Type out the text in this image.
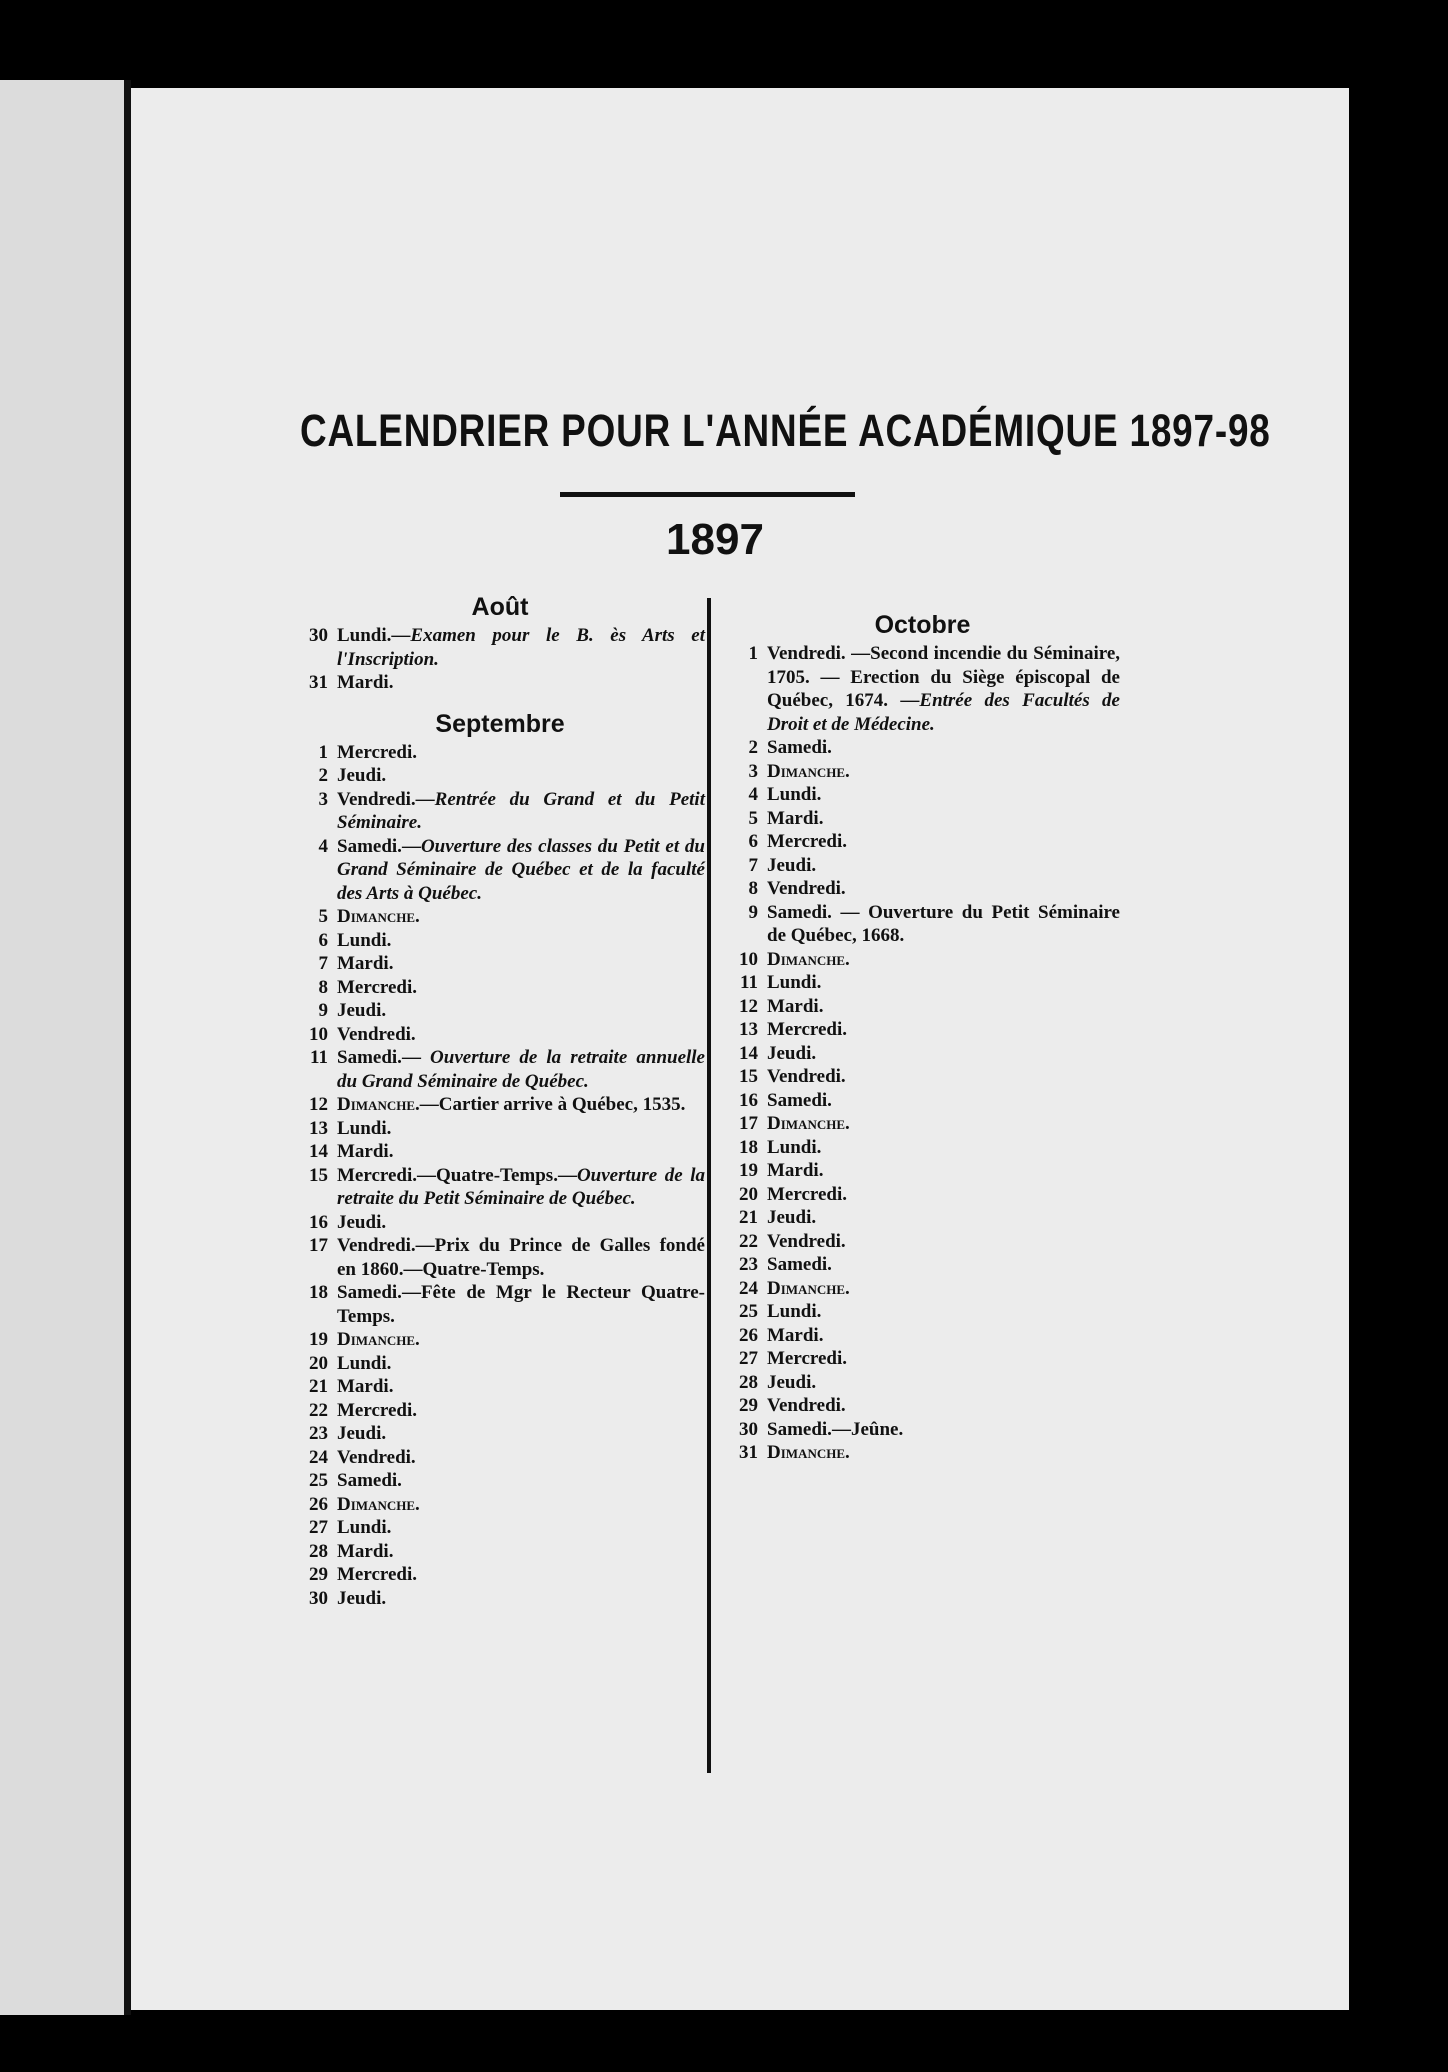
CALENDRIER POUR L'ANNÉE ACADÉMIQUE 1897-98
1897
Août
30 Lundi.—Examen pour le B. ès Arts et l'Inscription.
31 Mardi.
Septembre
1 Mercredi.
2 Jeudi.
3 Vendredi.—Rentrée du Grand et du Petit Séminaire.
4 Samedi.—Ouverture des classes du Petit et du Grand Séminaire de Québec et de la faculté des Arts à Québec.
5 Dimanche.
6 Lundi.
7 Mardi.
8 Mercredi.
9 Jeudi.
10 Vendredi.
11 Samedi.— Ouverture de la retraite annuelle du Grand Séminaire de Québec.
12 Dimanche.—Cartier arrive à Québec, 1535.
13 Lundi.
14 Mardi.
15 Mercredi.—Quatre-Temps.—Ouverture de la retraite du Petit Séminaire de Québec.
16 Jeudi.
17 Vendredi.—Prix du Prince de Galles fondé en 1860.—Quatre-Temps.
18 Samedi.—Fête de Mgr le Recteur Quatre-Temps.
19 Dimanche.
20 Lundi.
21 Mardi.
22 Mercredi.
23 Jeudi.
24 Vendredi.
25 Samedi.
26 Dimanche.
27 Lundi.
28 Mardi.
29 Mercredi.
30 Jeudi.
Octobre
1 Vendredi. —Second incendie du Séminaire, 1705. — Erection du Siège épiscopal de Québec, 1674. —Entrée des Facultés de Droit et de Médecine.
2 Samedi.
3 Dimanche.
4 Lundi.
5 Mardi.
6 Mercredi.
7 Jeudi.
8 Vendredi.
9 Samedi. — Ouverture du Petit Séminaire de Québec, 1668.
10 Dimanche.
11 Lundi.
12 Mardi.
13 Mercredi.
14 Jeudi.
15 Vendredi.
16 Samedi.
17 Dimanche.
18 Lundi.
19 Mardi.
20 Mercredi.
21 Jeudi.
22 Vendredi.
23 Samedi.
24 Dimanche.
25 Lundi.
26 Mardi.
27 Mercredi.
28 Jeudi.
29 Vendredi.
30 Samedi.—Jeûne.
31 Dimanche.
